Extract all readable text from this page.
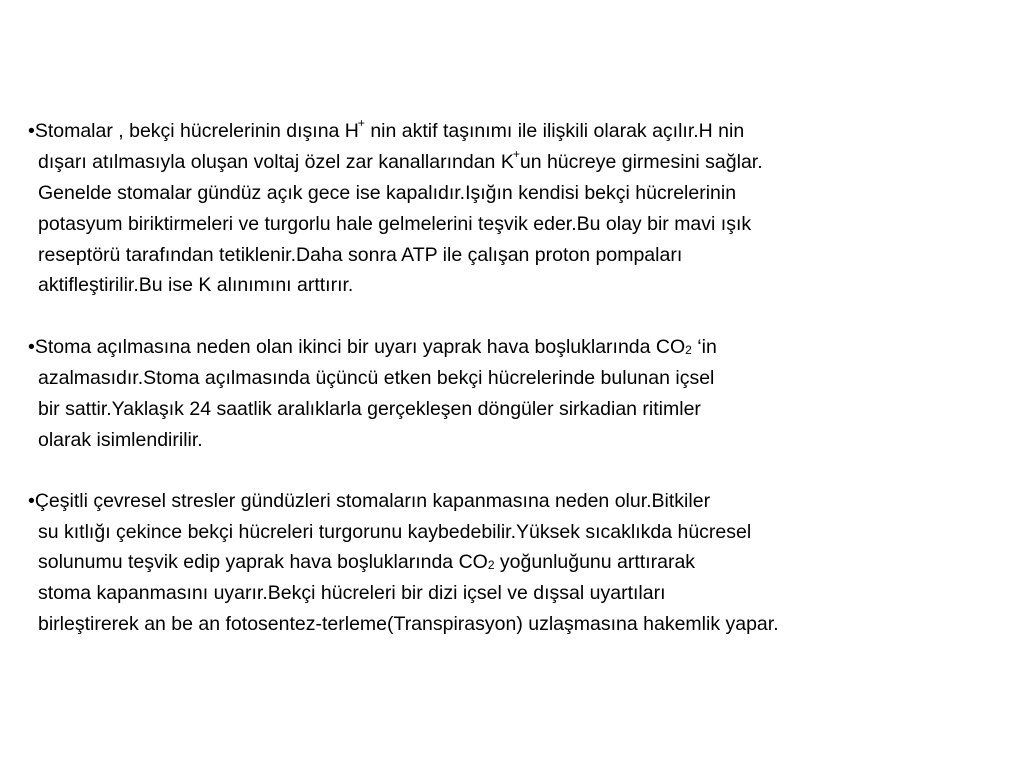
•Stomalar , bekçi hücrelerinin dışına H+ nin aktif taşınımı ile ilişkili olarak açılır.H nin
dışarı atılmasıyla oluşan voltaj özel zar kanallarından K+un hücreye girmesini sağlar.
Genelde stomalar gündüz açık gece ise kapalıdır.Işığın kendisi bekçi hücrelerinin
potasyum biriktirmeleri ve turgorlu hale gelmelerini teşvik eder.Bu olay bir mavi ışık
reseptörü tarafından tetiklenir.Daha sonra ATP ile çalışan proton pompaları
aktifleştirilir.Bu ise K alınımını arttırır.
•Stoma açılmasına neden olan ikinci bir uyarı yaprak hava boşluklarında CO2 ‘in
azalmasıdır.Stoma açılmasında üçüncü etken bekçi hücrelerinde bulunan içsel
bir sattir.Yaklaşık 24 saatlik aralıklarla gerçekleşen döngüler sirkadian ritimler
olarak isimlendirilir.
•Çeşitli çevresel stresler gündüzleri stomaların kapanmasına neden olur.Bitkiler
su kıtlığı çekince bekçi hücreleri turgorunu kaybedebilir.Yüksek sıcaklıkda hücresel
solunumu teşvik edip yaprak hava boşluklarında CO2 yoğunluğunu arttırarak
stoma kapanmasını uyarır.Bekçi hücreleri bir dizi içsel ve dışsal uyartıları
birleştirerek an be an fotosentez-terleme(Transpirasyon) uzlaşmasına hakemlik yapar.
